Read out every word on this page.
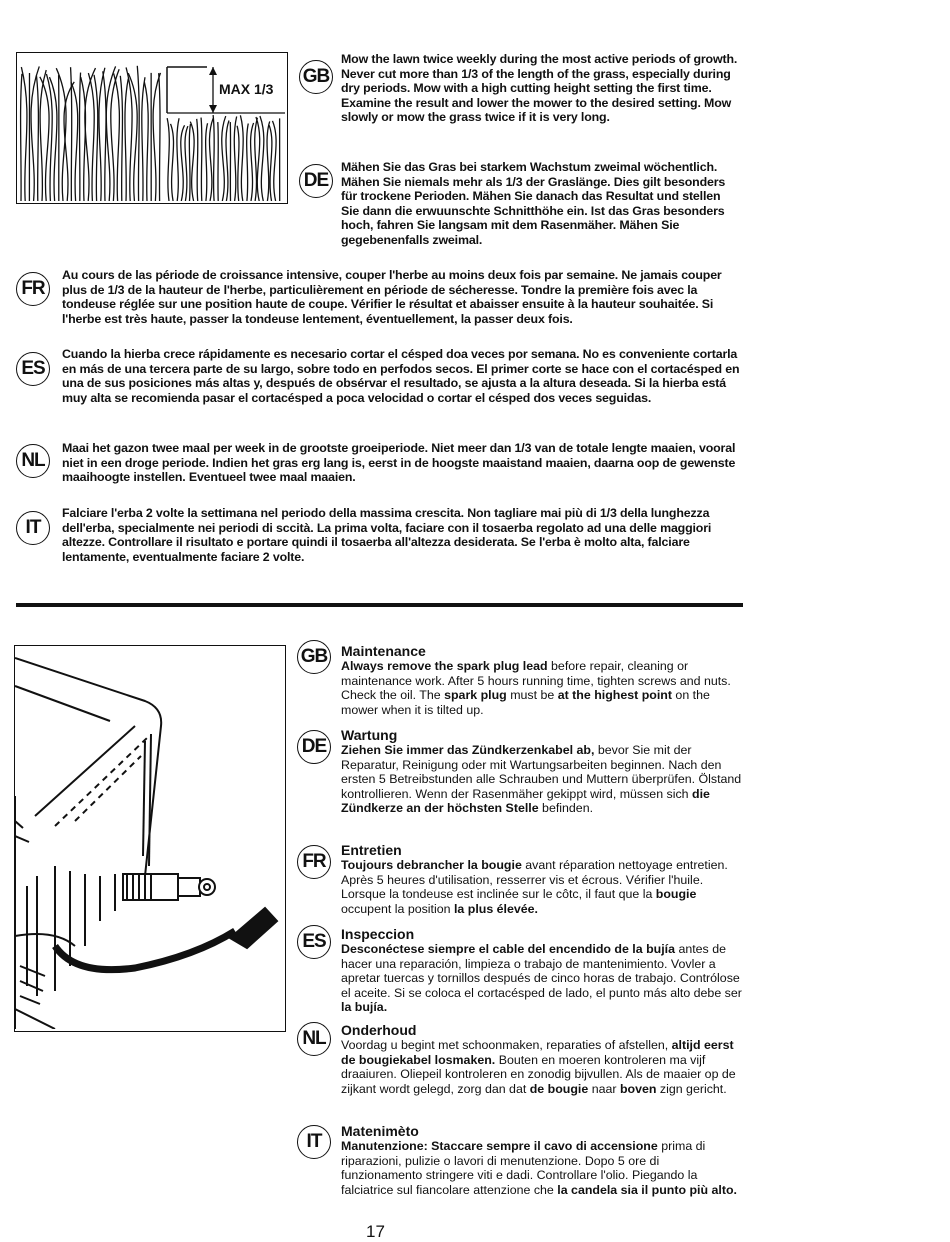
MAX 1/3
GB
Mow the lawn twice weekly during the most active periods of growth. Never cut more than 1/3 of the length of the grass, especially during dry periods. Mow with a high cutting height setting the first time. Examine the result and lower the mower to the desired setting. Mow slowly or mow the grass twice if it is very long.
DE
Mähen Sie das Gras bei starkem Wachstum zweimal wöchentlich. Mähen Sie niemals mehr als 1/3 der Graslänge. Dies gilt besonders für trockene Perioden. Mähen Sie danach das Resultat und stellen Sie dann die erwuunschte Schnitthöhe ein. Ist das Gras besonders hoch, fahren Sie langsam mit dem Rasenmäher. Mähen Sie gegebenenfalls zweimal.
FR
Au cours de las période de croissance intensive, couper l'herbe au moins deux fois par semaine. Ne jamais couper plus de 1/3 de la hauteur de l'herbe, particulièrement en période de sécheresse. Tondre la première fois avec la tondeuse réglée sur une position haute de coupe. Vérifier le résultat et abaisser ensuite à la hauteur souhaitée. Si l'herbe est très haute, passer la tondeuse lentement, éventuellement, la passer deux fois.
ES
Cuando la hierba crece rápidamente es necesario cortar el césped doa veces por semana. No es conveniente cortarla en más de una tercera parte de su largo, sobre todo en perfodos secos. El primer corte se hace con el cortacésped en una de sus posiciones más altas y, después de obsérvar el resultado, se ajusta a la altura deseada. Si la hierba está muy alta se recomienda pasar el cortacésped a poca velocidad o cortar el césped dos veces seguidas.
NL
Maai het gazon twee maal per week in de grootste groeiperiode. Niet meer dan 1/3 van de totale lengte maaien, vooral niet in een droge periode. Indien het gras erg lang is, eerst in de hoogste maaistand maaien, daarna oop de gewenste maaihoogte instellen. Eventueel twee maal maaien.
IT
Falciare l'erba 2 volte la settimana nel periodo della massima crescita. Non tagliare mai più di 1/3 della lunghezza dell'erba, specialmente nei periodi di sccità. La prima volta, faciare con il tosaerba regolato ad una delle maggiori altezze. Controllare il risultato e portare quindi il tosaerba all'altezza desiderata. Se l'erba è molto alta, falciare lentamente, eventualmente faciare 2 volte.
GB Maintenance
Always remove the spark plug lead before repair, cleaning or maintenance work. After 5 hours running time, tighten screws and nuts. Check the oil. The spark plug must be at the highest point on the mower when it is tilted up.
DE
Wartung
Ziehen Sie immer das Zündkerzenkabel ab, bevor Sie mit der Reparatur, Reinigung oder mit Wartungsarbeiten beginnen. Nach den ersten 5 Betreibstunden alle Schrauben und Muttern überprüfen. Ölstand kontrollieren. Wenn der Rasenmäher gekippt wird, müssen sich die Zündkerze an der höchsten Stelle befinden.
FR
Entretien
Toujours debrancher la bougie avant réparation nettoyage entretien. Après 5 heures d'utilisation, resserrer vis et écrous. Vérifier l'huile. Lorsque la tondeuse est inclinée sur le côtc, il faut que la bougie occupent la position la plus élevée.
ES Inspeccion
Desconéctese siempre el cable del encendido de la bujía antes de hacer una reparación, limpieza o trabajo de mantenimiento. Vovler a apretar tuercas y tornillos después de cinco horas de trabajo. Contrólose el aceite. Si se coloca el cortacésped de lado, el punto más alto debe ser la bujía.
NL Onderhoud
Voordag u begint met schoonmaken, reparaties of afstellen, altijd eerst de bougiekabel losmaken. Bouten en moeren kontroleren ma vijf draaiuren. Oliepeil kontroleren en zonodig bijvullen. Als de maaier op de zijkant wordt gelegd, zorg dan dat de bougie naar boven zign gericht.
IT Matenimèto
Manutenzione: Staccare sempre il cavo di accensione prima di riparazioni, pulizie o lavori di menutenzione. Dopo 5 ore di funzionamento stringere viti e dadi. Controllare l'olio. Piegando la falciatrice sul fiancolare attenzione che la candela sia il punto più alto.
17
